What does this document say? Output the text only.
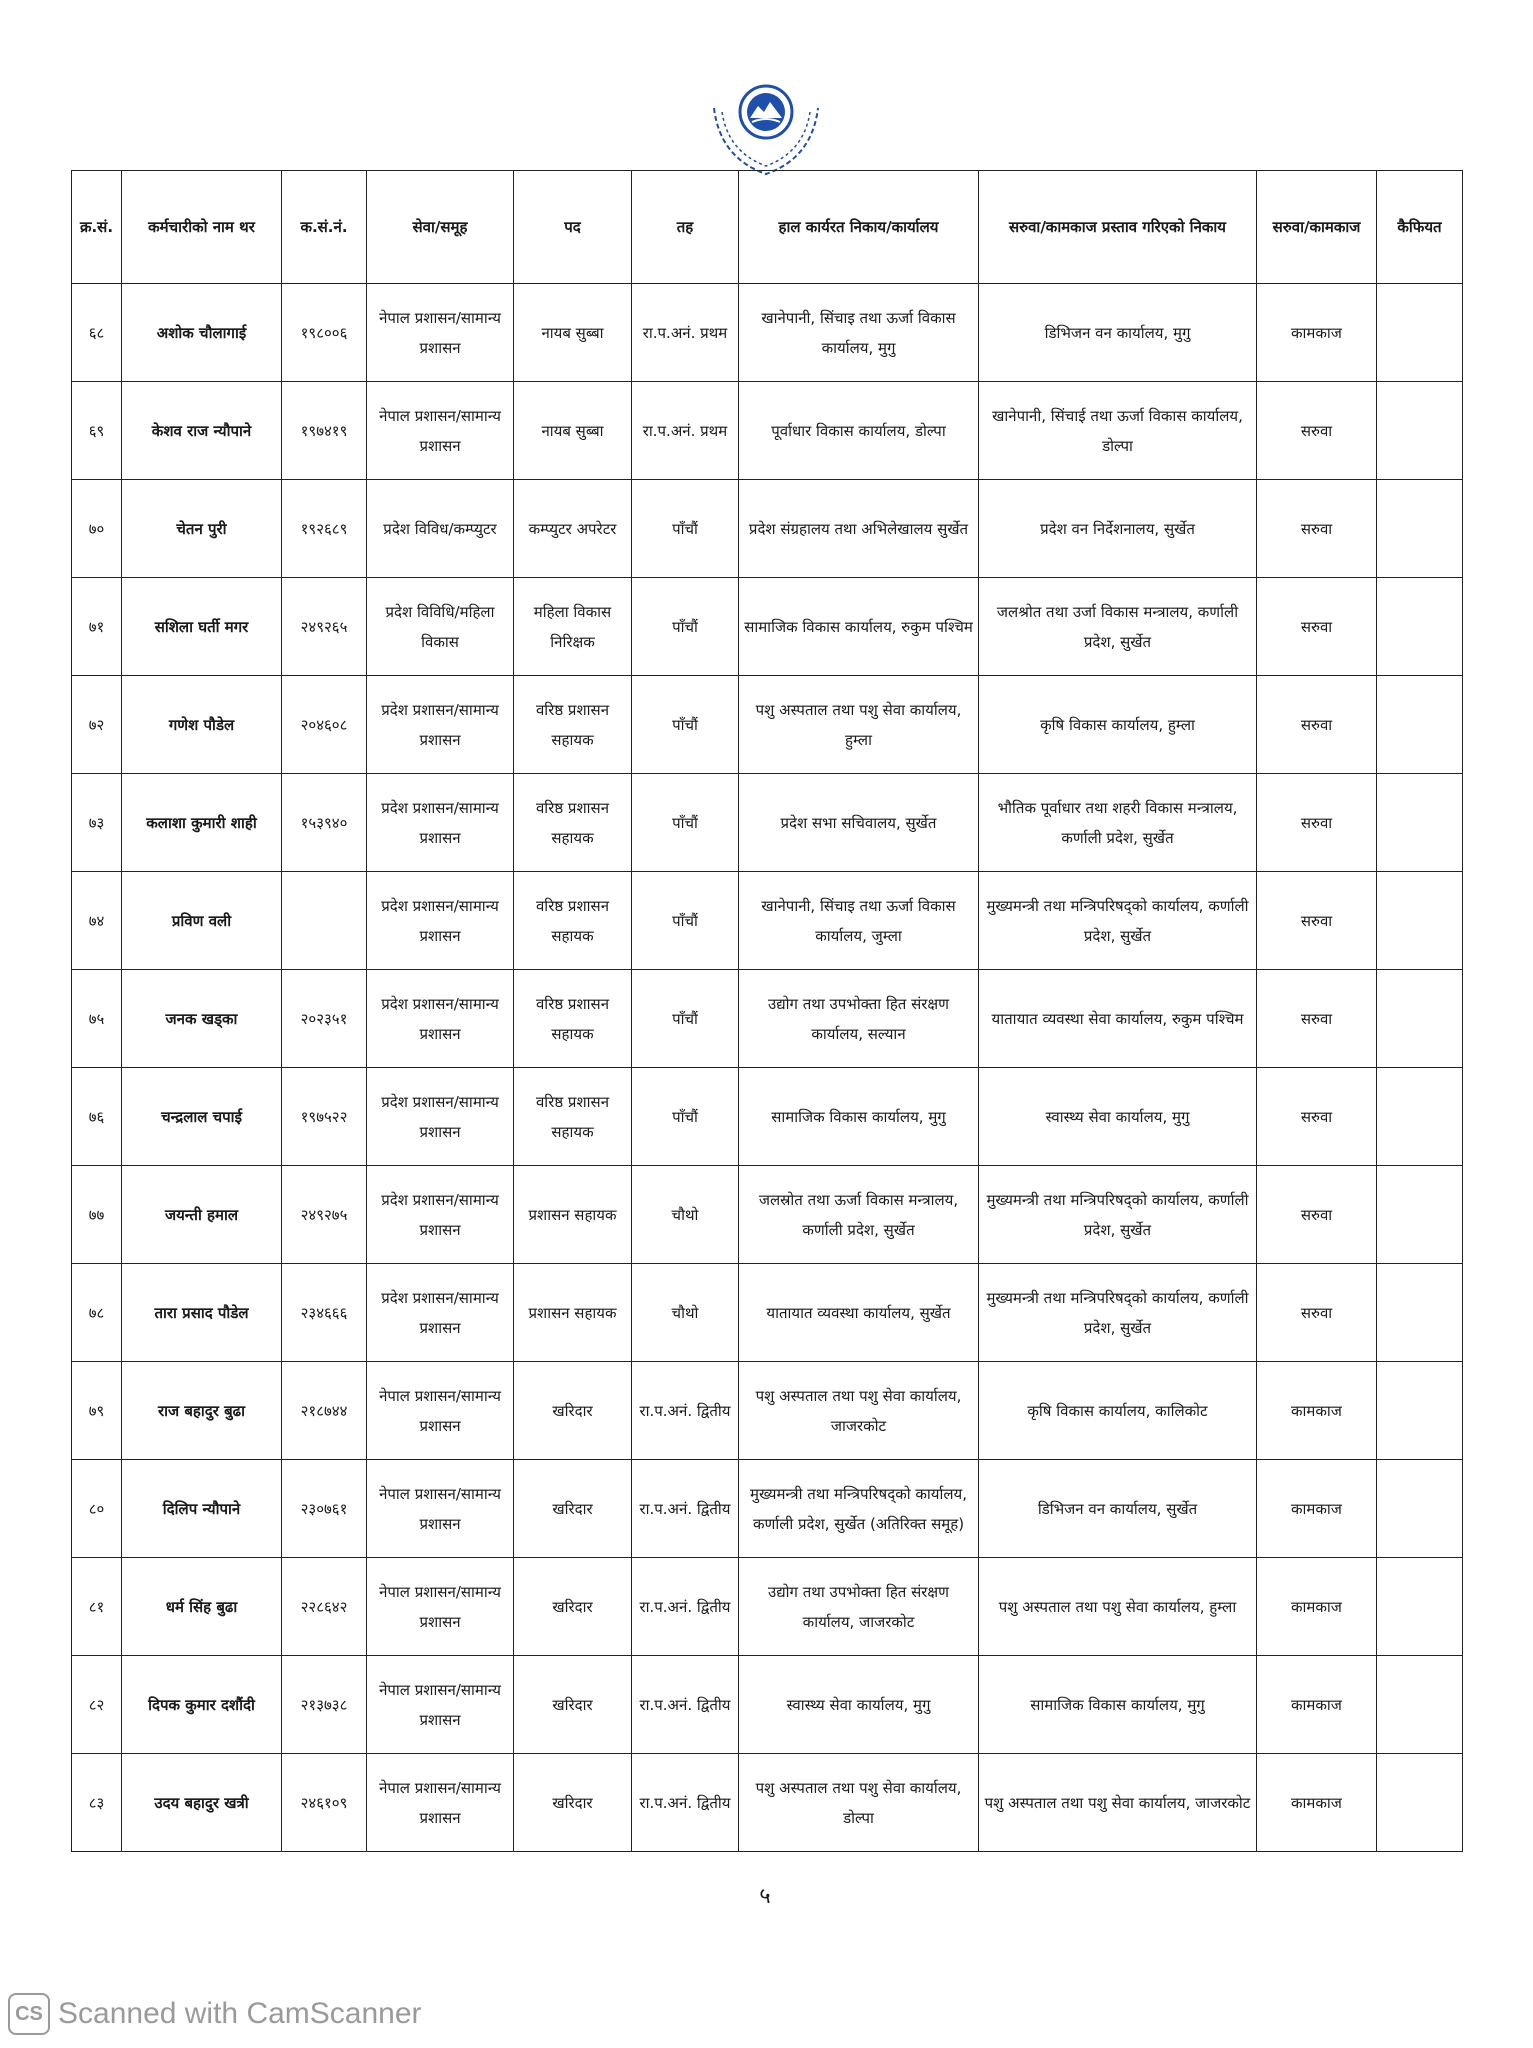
क्र.सं.	कर्मचारीको नाम थर	क.सं.नं.	सेवा/समूह	पद	तह	हाल कार्यरत निकाय/कार्यालय	सरुवा/कामकाज प्रस्ताव गरिएको निकाय	सरुवा/कामकाज	कैफियत
६८	अशोक चौलागाई	१९८००६	नेपाल प्रशासन/सामान्य प्रशासन	नायब सुब्बा	रा.प.अनं. प्रथम	खानेपानी, सिंचाइ तथा ऊर्जा विकास कार्यालय, मुगु	डिभिजन वन कार्यालय, मुगु	कामकाज	
६९	केशव राज न्यौपाने	१९७४१९	नेपाल प्रशासन/सामान्य प्रशासन	नायब सुब्बा	रा.प.अनं. प्रथम	पूर्वाधार विकास कार्यालय, डोल्पा	खानेपानी, सिंचाई तथा ऊर्जा विकास कार्यालय, डोल्पा	सरुवा	
७०	चेतन पुरी	१९२६८९	प्रदेश विविध/कम्प्युटर	कम्प्युटर अपरेटर	पाँचौं	प्रदेश संग्रहालय तथा अभिलेखालय सुर्खेत	प्रदेश वन निर्देशनालय, सुर्खेत	सरुवा	
७१	सशिला घर्ती मगर	२४९२६५	प्रदेश विविधि/महिला विकास	महिला विकास निरिक्षक	पाँचौं	सामाजिक विकास कार्यालय, रुकुम पश्चिम	जलश्रोत तथा उर्जा विकास मन्त्रालय, कर्णाली प्रदेश, सुर्खेत	सरुवा	
७२	गणेश पौडेल	२०४६०८	प्रदेश प्रशासन/सामान्य प्रशासन	वरिष्ठ प्रशासन सहायक	पाँचौं	पशु अस्पताल तथा पशु सेवा कार्यालय, हुम्ला	कृषि विकास कार्यालय, हुम्ला	सरुवा	
७३	कलाशा कुमारी शाही	१५३९४०	प्रदेश प्रशासन/सामान्य प्रशासन	वरिष्ठ प्रशासन सहायक	पाँचौं	प्रदेश सभा सचिवालय, सुर्खेत	भौतिक पूर्वाधार तथा शहरी विकास मन्त्रालय, कर्णाली प्रदेश, सुर्खेत	सरुवा	
७४	प्रविण वली		प्रदेश प्रशासन/सामान्य प्रशासन	वरिष्ठ प्रशासन सहायक	पाँचौं	खानेपानी, सिंचाइ तथा ऊर्जा विकास कार्यालय, जुम्ला	मुख्यमन्त्री तथा मन्त्रिपरिषद्को कार्यालय, कर्णाली प्रदेश, सुर्खेत	सरुवा	
७५	जनक खड्का	२०२३५१	प्रदेश प्रशासन/सामान्य प्रशासन	वरिष्ठ प्रशासन सहायक	पाँचौं	उद्योग तथा उपभोक्ता हित संरक्षण कार्यालय, सल्यान	यातायात व्यवस्था सेवा कार्यालय, रुकुम पश्चिम	सरुवा	
७६	चन्द्रलाल चपाई	१९७५२२	प्रदेश प्रशासन/सामान्य प्रशासन	वरिष्ठ प्रशासन सहायक	पाँचौं	सामाजिक विकास कार्यालय, मुगु	स्वास्थ्य सेवा कार्यालय, मुगु	सरुवा	
७७	जयन्ती हमाल	२४९२७५	प्रदेश प्रशासन/सामान्य प्रशासन	प्रशासन सहायक	चौथो	जलस्रोत तथा ऊर्जा विकास मन्त्रालय, कर्णाली प्रदेश, सुर्खेत	मुख्यमन्त्री तथा मन्त्रिपरिषद्को कार्यालय, कर्णाली प्रदेश, सुर्खेत	सरुवा	
७८	तारा प्रसाद पौडेल	२३४६६६	प्रदेश प्रशासन/सामान्य प्रशासन	प्रशासन सहायक	चौथो	यातायात व्यवस्था कार्यालय, सुर्खेत	मुख्यमन्त्री तथा मन्त्रिपरिषद्को कार्यालय, कर्णाली प्रदेश, सुर्खेत	सरुवा	
७९	राज बहादुर बुढा	२१८७४४	नेपाल प्रशासन/सामान्य प्रशासन	खरिदार	रा.प.अनं. द्वितीय	पशु अस्पताल तथा पशु सेवा कार्यालय, जाजरकोट	कृषि विकास कार्यालय, कालिकोट	कामकाज	
८०	दिलिप न्यौपाने	२३०७६१	नेपाल प्रशासन/सामान्य प्रशासन	खरिदार	रा.प.अनं. द्वितीय	मुख्यमन्त्री तथा मन्त्रिपरिषद्को कार्यालय, कर्णाली प्रदेश, सुर्खेत (अतिरिक्त समूह)	डिभिजन वन कार्यालय, सुर्खेत	कामकाज	
८१	धर्म सिंह बुढा	२२८६४२	नेपाल प्रशासन/सामान्य प्रशासन	खरिदार	रा.प.अनं. द्वितीय	उद्योग तथा उपभोक्ता हित संरक्षण कार्यालय, जाजरकोट	पशु अस्पताल तथा पशु सेवा कार्यालय, हुम्ला	कामकाज	
८२	दिपक कुमार दशौंदी	२१३७३८	नेपाल प्रशासन/सामान्य प्रशासन	खरिदार	रा.प.अनं. द्वितीय	स्वास्थ्य सेवा कार्यालय, मुगु	सामाजिक विकास कार्यालय, मुगु	कामकाज	
८३	उदय बहादुर खत्री	२४६१०९	नेपाल प्रशासन/सामान्य प्रशासन	खरिदार	रा.प.अनं. द्वितीय	पशु अस्पताल तथा पशु सेवा कार्यालय, डोल्पा	पशु अस्पताल तथा पशु सेवा कार्यालय, जाजरकोट	कामकाज	
५
CS Scanned with CamScanner
